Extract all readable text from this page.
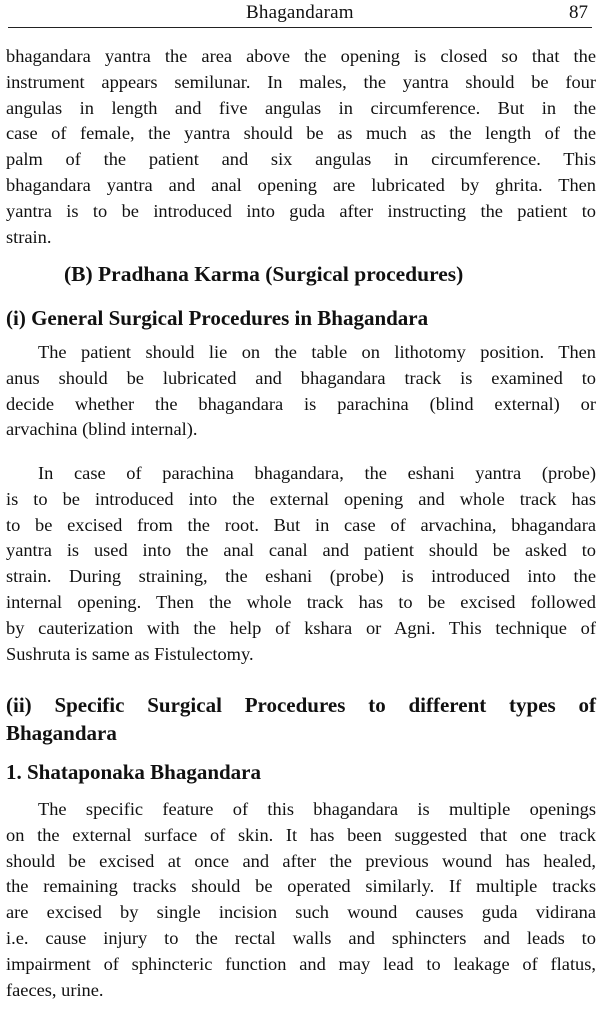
Bhagandaram	87
bhagandara yantra the area above the opening is closed so that the
instrument appears semilunar. In males, the yantra should be four
angulas in length and five angulas in circumference. But in the
case of female, the yantra should be as much as the length of the
palm of the patient and six angulas in circumference. This
bhagandara yantra and anal opening are lubricated by ghrita. Then
yantra is to be introduced into guda after instructing the patient to
strain.
(B) Pradhana Karma (Surgical procedures)
(i) General Surgical Procedures in Bhagandara
The patient should lie on the table on lithotomy position. Then
anus should be lubricated and bhagandara track is examined to
decide whether the bhagandara is parachina (blind external) or
arvachina (blind internal).
In case of parachina bhagandara, the eshani yantra (probe)
is to be introduced into the external opening and whole track has
to be excised from the root. But in case of arvachina, bhagandara
yantra is used into the anal canal and patient should be asked to
strain. During straining, the eshani (probe) is introduced into the
internal opening. Then the whole track has to be excised followed
by cauterization with the help of kshara or Agni. This technique of
Sushruta is same as Fistulectomy.
(ii) Specific Surgical Procedures to different types of
Bhagandara
1. Shataponaka Bhagandara
The specific feature of this bhagandara is multiple openings
on the external surface of skin. It has been suggested that one track
should be excised at once and after the previous wound has healed,
the remaining tracks should be operated similarly. If multiple tracks
are excised by single incision such wound causes guda vidirana
i.e. cause injury to the rectal walls and sphincters and leads to
impairment of sphincteric function and may lead to leakage of flatus,
faeces, urine.
